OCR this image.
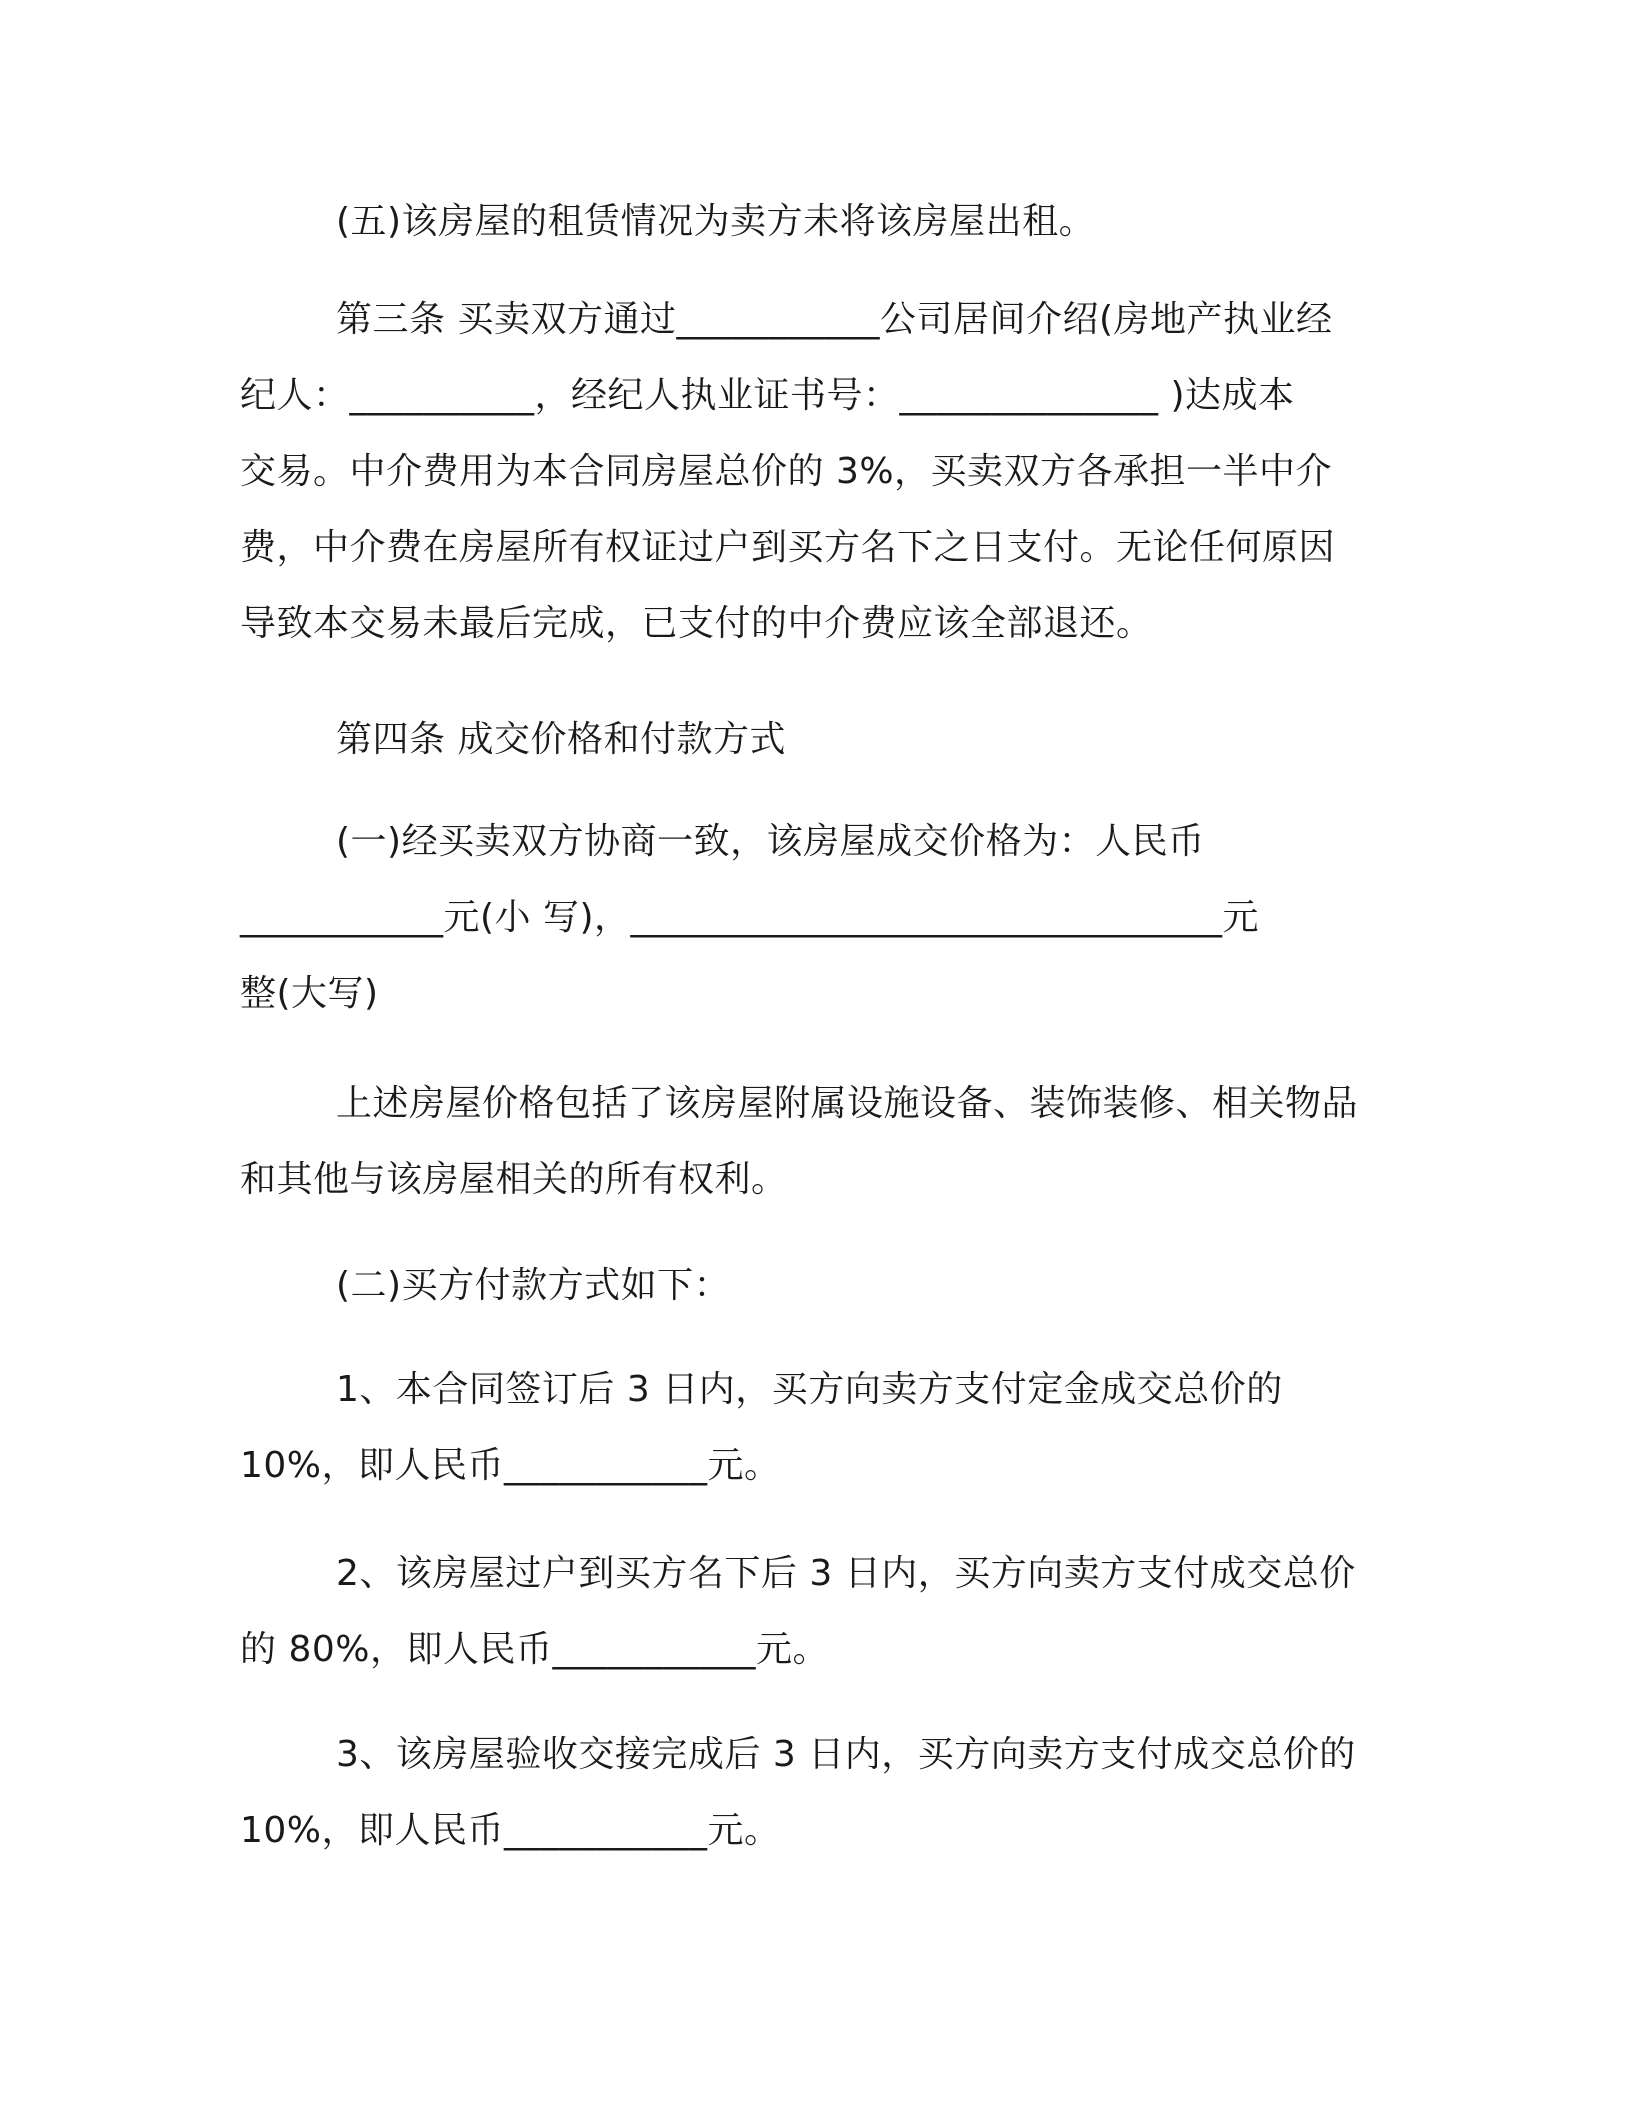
(五)该房屋的租赁情况为卖方未将该房屋出租。

第三条 买卖双方通过___________公司居间介绍(房地产执业经
纪人：__________，经纪人执业证书号：______________ )达成本
交易。中介费用为本合同房屋总价的 3%，买卖双方各承担一半中介
费，中介费在房屋所有权证过户到买方名下之日支付。无论任何原因
导致本交易未最后完成，已支付的中介费应该全部退还。

第四条 成交价格和付款方式

(一)经买卖双方协商一致，该房屋成交价格为：人民币
___________元(小 写)，________________________________元
整(大写)

上述房屋价格包括了该房屋附属设施设备、装饰装修、相关物品
和其他与该房屋相关的所有权利。

(二)买方付款方式如下：

1、本合同签订后 3 日内，买方向卖方支付定金成交总价的
10%，即人民币___________元。

2、该房屋过户到买方名下后 3 日内，买方向卖方支付成交总价
的 80%，即人民币___________元。

3、该房屋验收交接完成后 3 日内，买方向卖方支付成交总价的
10%，即人民币___________元。
